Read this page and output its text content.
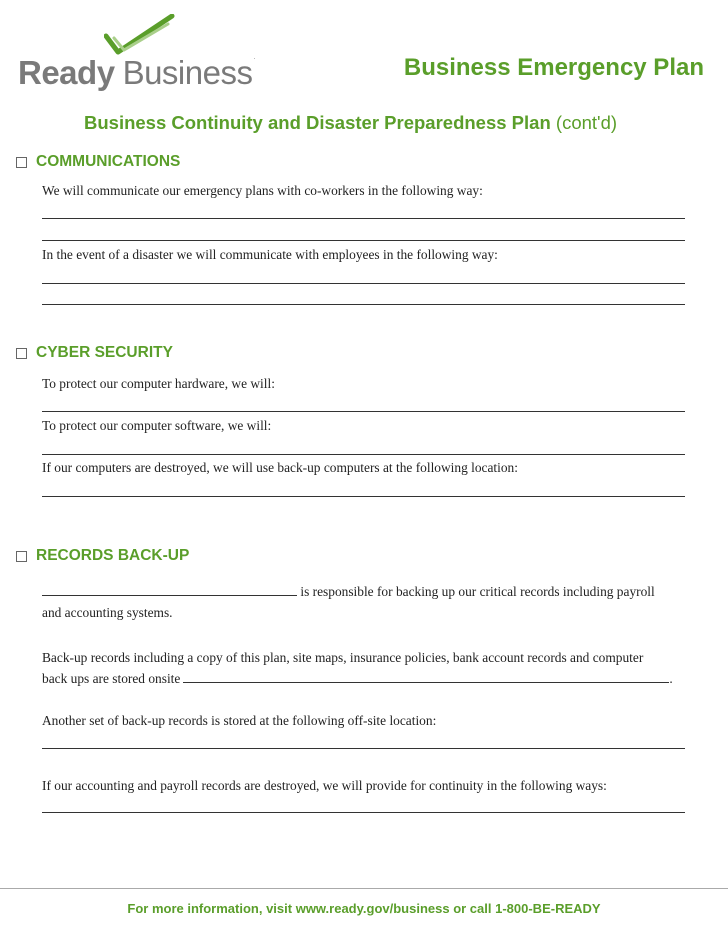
Ready Business.	Business Emergency Plan
Business Continuity and Disaster Preparedness Plan (cont'd)
COMMUNICATIONS
We will communicate our emergency plans with co-workers in the following way:
In the event of a disaster we will communicate with employees in the following way:
CYBER SECURITY
To protect our computer hardware, we will:
To protect our computer software, we will:
If our computers are destroyed, we will use back-up computers at the following location:
RECORDS BACK-UP
is responsible for backing up our critical records including payroll
and accounting systems.
Back-up records including a copy of this plan, site maps, insurance policies, bank account records and computer
back ups are stored onsite	.
Another set of back-up records is stored at the following off-site location:
If our accounting and payroll records are destroyed, we will provide for continuity in the following ways:
For more information, visit www.ready.gov/business or call 1-800-BE-READY
